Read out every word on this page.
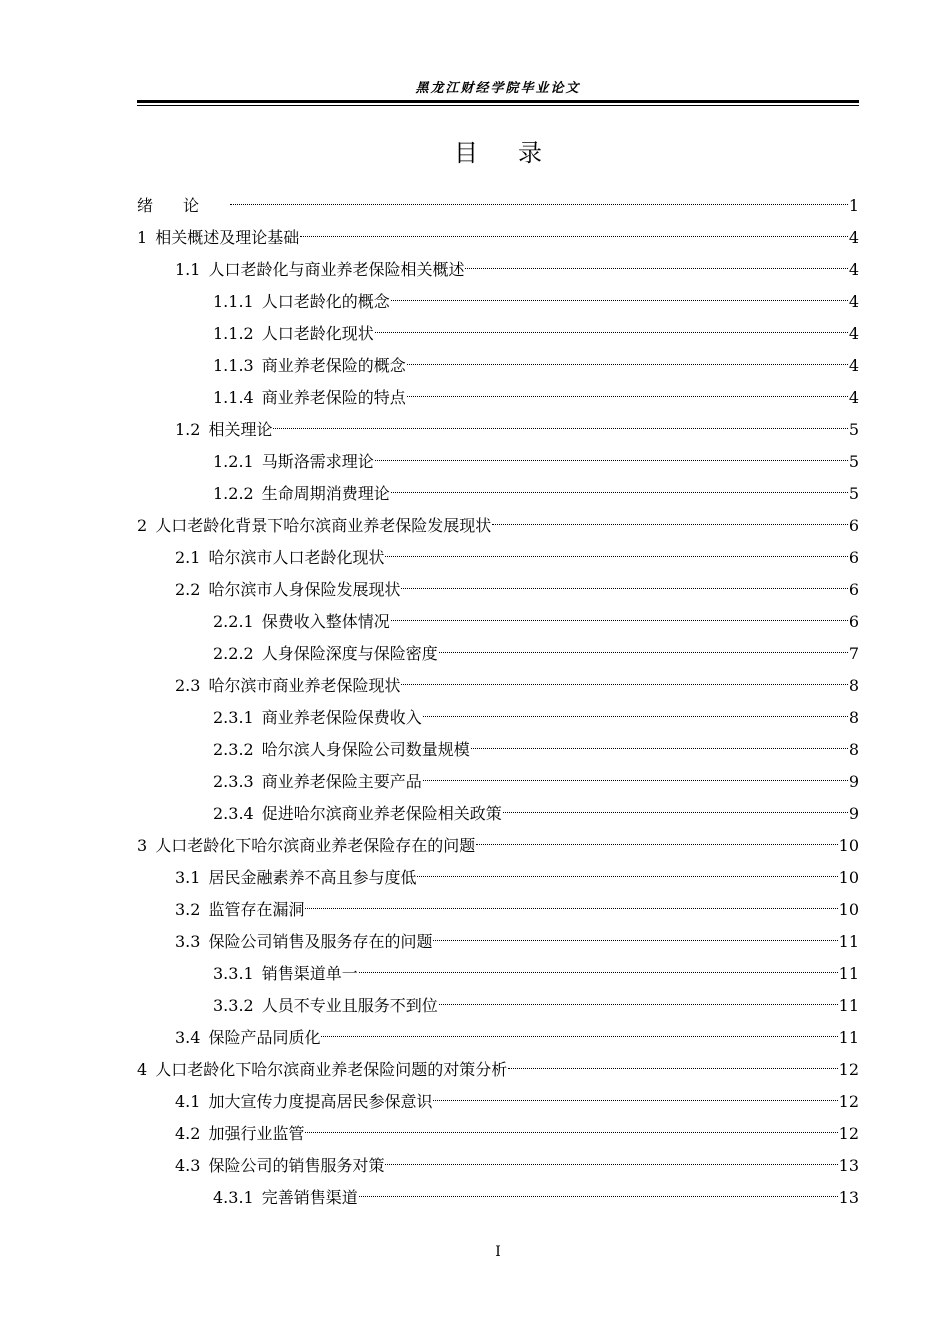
黑龙江财经学院毕业论文
目录
绪论	1
1 相关概述及理论基础	4
1.1 人口老龄化与商业养老保险相关概述	4
1.1.1 人口老龄化的概念	4
1.1.2 人口老龄化现状	4
1.1.3 商业养老保险的概念	4
1.1.4 商业养老保险的特点	4
1.2 相关理论	5
1.2.1 马斯洛需求理论	5
1.2.2 生命周期消费理论	5
2 人口老龄化背景下哈尔滨商业养老保险发展现状	6
2.1 哈尔滨市人口老龄化现状	6
2.2 哈尔滨市人身保险发展现状	6
2.2.1 保费收入整体情况	6
2.2.2 人身保险深度与保险密度	7
2.3 哈尔滨市商业养老保险现状	8
2.3.1 商业养老保险保费收入	8
2.3.2 哈尔滨人身保险公司数量规模	8
2.3.3 商业养老保险主要产品	9
2.3.4 促进哈尔滨商业养老保险相关政策	9
3 人口老龄化下哈尔滨商业养老保险存在的问题	10
3.1 居民金融素养不高且参与度低	10
3.2 监管存在漏洞	10
3.3 保险公司销售及服务存在的问题	11
3.3.1 销售渠道单一	11
3.3.2 人员不专业且服务不到位	11
3.4 保险产品同质化	11
4 人口老龄化下哈尔滨商业养老保险问题的对策分析	12
4.1 加大宣传力度提高居民参保意识	12
4.2 加强行业监管	12
4.3 保险公司的销售服务对策	13
4.3.1 完善销售渠道	13
I
